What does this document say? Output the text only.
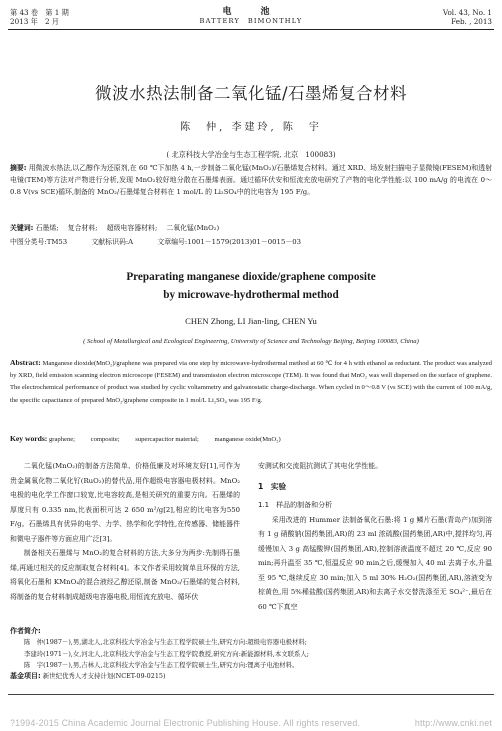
第 43 卷　第 1 期
2013 年　2 月
电　池
BATTERY　BIMONTHLY
Vol. 43, No. 1
Feb. , 2013
微波水热法制备二氧化锰/石墨烯复合材料
陈　仲, 李建玲, 陈　宇
( 北京科技大学冶金与生态工程学院, 北京　100083)
摘要: 用微波水热法,以乙醇作为还原剂,在 60 ℃下加热 4 h,一步制备二氧化锰(MnO₂)/石墨烯复合材料。通过 XRD、场发射扫描电子显微镜(FESEM)和透射电镜(TEM)等方法对产物进行分析,发现 MnO₂较好地分散在石墨烯表面。通过循环伏安和恒流充放电研究了产物的电化学性能:以 100 mA/g 的电流在 0～0.8 V(vs SCE)循环,制备的 MnO₂/石墨烯复合材料在 1 mol/L 的 Li₂SO₄中的比电容为 195 F/g。
关键词: 石墨烯;  复合材料;  超级电容器材料;  二氧化锰(MnO₂)
中图分类号:TM53	文献标识码:A	文章编号:1001－1579(2013)01－0015－03
Preparating manganese dioxide/graphene composite
by microwave-hydrothermal method
CHEN Zhong, LI Jian-ling, CHEN Yu
( School of Metallurgical and Ecological Engineering, University of Science and Technology Beijing, Beijing 100083, China)
Abstract: Manganese dioxide(MnO₂)/graphene was prepared via one step by microwave-hydrothermal method at 60 ℃ for 4 h with ethanol as reductant. The product was analyzed by XRD, field emission scanning electron microscope (FESEM) and transmission electron microscope (TEM). It was found that MnO₂ was well dispersed on the surface of graphene. The electrochemical performance of product was studied by cyclic voltammetry and galvanostatic charge-discharge. When cycled in 0～0.8 V (vs SCE) with the current of 100 mA/g, the specific capacitance of prepared MnO₂/graphene composite in 1 mol/L Li₂SO₄ was 195 F/g.
Key words: graphene; composite; supercapacitor material; manganese oxide(MnO₂)

二氧化锰(MnO₂)的制备方法简单、价格低廉及对环境友好[1],可作为贵金属氧化物二氧化钌(RuO₂)的替代品,用作超级电容器电极材料。MnO₂电极的电化学工作窗口较宽,比电容较高,是相关研究的重要方向。石墨烯的厚度只有 0.335 nm,比表面积可达 2 650 m²/g[2],相应的比电容为550 F/g。石墨烯具有优异的电学、力学、热学和化学特性,在传感器、储能器件和微电子器件等方面应用广泛[3]。

制备相关石墨烯与 MnO₂的复合材料的方法,大多分为两步:先制得石墨烯,再通过相关的反应制取复合材料[4]。本文作者采用较简单且环保的方法,将氧化石墨和 KMnO₄的混合液经乙醇还原,制备 MnO₂/石墨烯的复合材料,将制备的复合材料制成超级电容器电极,用恒流充放电、循环伏

安测试和交流阻抗测试了其电化学性能。
1　实验
1.1　样品的制备和分析

采用改进的 Hummer 法制备氧化石墨:将 1 g 鳞片石墨(青岛产)加到溶有 1 g 硝酸钠(国药集团,AR)的 23 ml 浓硫酸(国药集团,AR)中,搅拌均匀,再缓慢加入 3 g 高锰酸钾(国药集团,AR),控制溶液温度不超过 20 ℃,反应 90 min;再升温至 35 ℃,恒温反应 90 min之后,缓慢加入 40 ml 去离子水,升温至 95 ℃,继续反应 30 min;加入 5 ml 30% H₂O₂(国药集团,AR),溶液变为棕黄色,用 5%稀盐酸(国药集团,AR)和去离子水交替洗涤至无 SO₄²⁻,最后在 60 ℃下真空

作者简介:
陈　仲(1987－),男,湖北人,北京科技大学冶金与生态工程学院硕士生,研究方向:超级电容器电极材料;
李建玲(1971－),女,河北人,北京科技大学冶金与生态工程学院教授,研究方向:新能源材料,本文联系人;
陈　宇(1987－),男,吉林人,北京科技大学冶金与生态工程学院硕士生,研究方向:锂离子电池材料。
基金项目: 新世纪优秀人才支持计划(NCET-09-0215)
?1994-2015 China Academic Journal Electronic Publishing House. All rights reserved.	http://www.cnki.net
